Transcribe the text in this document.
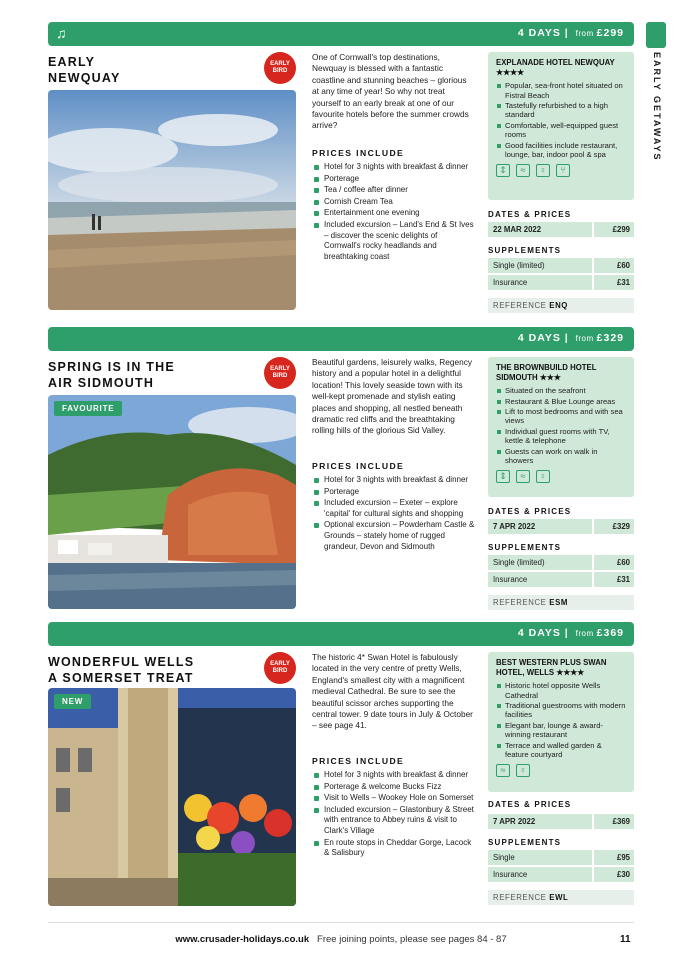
EARLY GETAWAYS
♫	4 DAYS | from £299
EARLY
NEWQUAY
EARLY
BIRD
One of Cornwall's top destinations, Newquay is blessed with a fantastic coastline and stunning beaches – glorious at any time of year! So why not treat yourself to an early break at one of our favourite hotels before the summer crowds arrive?
PRICES INCLUDE
Hotel for 3 nights with breakfast & dinner
Porterage
Tea / coffee after dinner
Cornish Cream Tea
Entertainment one evening
Included excursion – Land's End & St Ives – discover the scenic delights of Cornwall's rocky headlands and breathtaking coast
EXPLANADE HOTEL NEWQUAY ★★★★
Popular, sea-front hotel situated on Fistral Beach
Tastefully refurbished to a high standard
Comfortable, well-equipped guest rooms
Good facilities include restaurant, lounge, bar, indoor pool & spa
⇕	≈	♀	⑂
DATES & PRICES
22 MAR 2022	£299
SUPPLEMENTS
Single (limited)	£60
Insurance	£31
REFERENCE ENQ
4 DAYS | from £329
SPRING IS IN THE
AIR SIDMOUTH
EARLY
BIRD
FAVOURITE
Beautiful gardens, leisurely walks, Regency history and a popular hotel in a delightful location! This lovely seaside town with its well-kept promenade and stylish eating places and shopping, all nestled beneath dramatic red cliffs and the breathtaking rolling hills of the glorious Sid Valley.
PRICES INCLUDE
Hotel for 3 nights with breakfast & dinner
Porterage
Included excursion – Exeter – explore 'capital' for cultural sights and shopping
Optional excursion – Powderham Castle & Grounds – stately home of rugged grandeur, Devon and Sidmouth
THE BROWNBUILD HOTEL SIDMOUTH ★★★
Situated on the seafront
Restaurant & Blue Lounge areas
Lift to most bedrooms and with sea views
Individual guest rooms with TV, kettle & telephone
Guests can work on walk in showers
⇕	≈	♀
DATES & PRICES
7 APR 2022	£329
SUPPLEMENTS
Single (limited)	£60
Insurance	£31
REFERENCE ESM
4 DAYS | from £369
WONDERFUL WELLS
A SOMERSET TREAT
EARLY
BIRD
NEW
The historic 4* Swan Hotel is fabulously located in the very centre of pretty Wells, England's smallest city with a magnificent medieval Cathedral. Be sure to see the beautiful scissor arches supporting the central tower. 9 date tours in July & October – see page 41.
PRICES INCLUDE
Hotel for 3 nights with breakfast & dinner
Porterage & welcome Bucks Fizz
Visit to Wells – Wookey Hole on Somerset
Included excursion – Glastonbury & Street with entrance to Abbey ruins & visit to Clark's Village
En route stops in Cheddar Gorge, Lacock & Salisbury
BEST WESTERN PLUS SWAN HOTEL, WELLS ★★★★
Historic hotel opposite Wells Cathedral
Traditional guestrooms with modern facilities
Elegant bar, lounge & award-winning restaurant
Terrace and walled garden & feature courtyard
≈	♀
DATES & PRICES
7 APR 2022	£369
SUPPLEMENTS
Single	£95
Insurance	£30
REFERENCE EWL
www.crusader-holidays.co.uk Free joining points, please see pages 84 - 87	11
